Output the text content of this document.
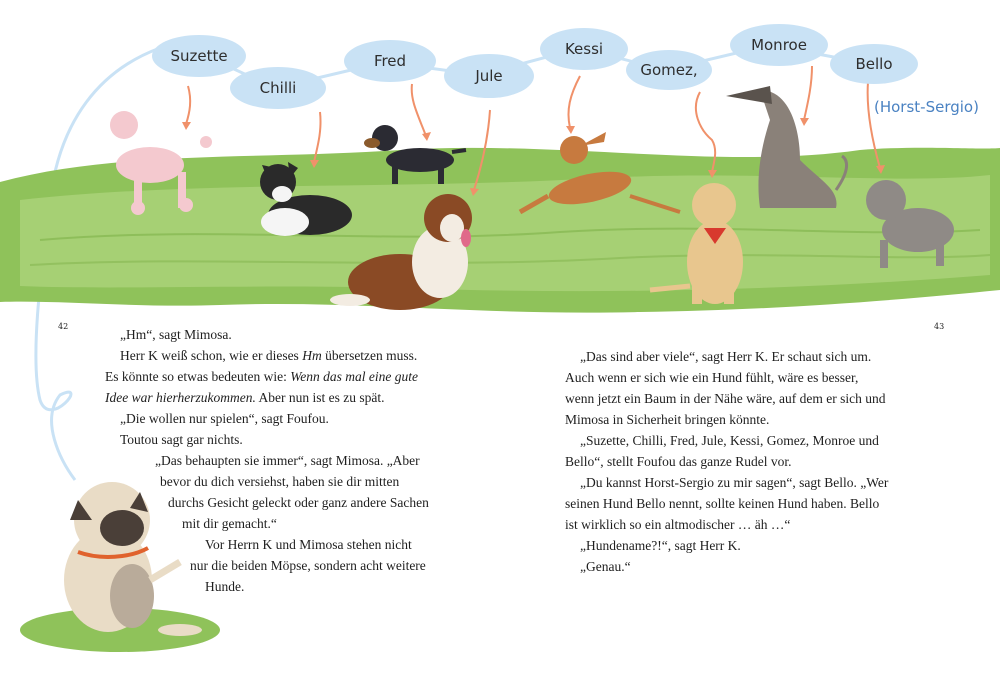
Suzette
Chilli
Fred
Jule
Kessi
Gomez,
Monroe
Bello
(Horst-Sergio)
42	43
„Hm“, sagt Mimosa.
Herr K weiß schon, wie er dieses Hm übersetzen muss.
Es könnte so etwas bedeuten wie: Wenn das mal eine gute
Idee war hierherzukommen. Aber nun ist es zu spät.
„Die wollen nur spielen“, sagt Foufou.
Toutou sagt gar nichts.
„Das behaupten sie immer“, sagt Mimosa. „Aber
bevor du dich versiehst, haben sie dir mitten
durchs Gesicht geleckt oder ganz andere Sachen
mit dir gemacht.“
Vor Herrn K und Mimosa stehen nicht
nur die beiden Möpse, sondern acht weitere
Hunde.
„Das sind aber viele“, sagt Herr K. Er schaut sich um.
Auch wenn er sich wie ein Hund fühlt, wäre es besser,
wenn jetzt ein Baum in der Nähe wäre, auf dem er sich und
Mimosa in Sicherheit bringen könnte.
„Suzette, Chilli, Fred, Jule, Kessi, Gomez, Monroe und
Bello“, stellt Foufou das ganze Rudel vor.
„Du kannst Horst-Sergio zu mir sagen“, sagt Bello. „Wer
seinen Hund Bello nennt, sollte keinen Hund haben. Bello
ist wirklich so ein altmodischer … äh …“
„Hundename?!“, sagt Herr K.
„Genau.“
